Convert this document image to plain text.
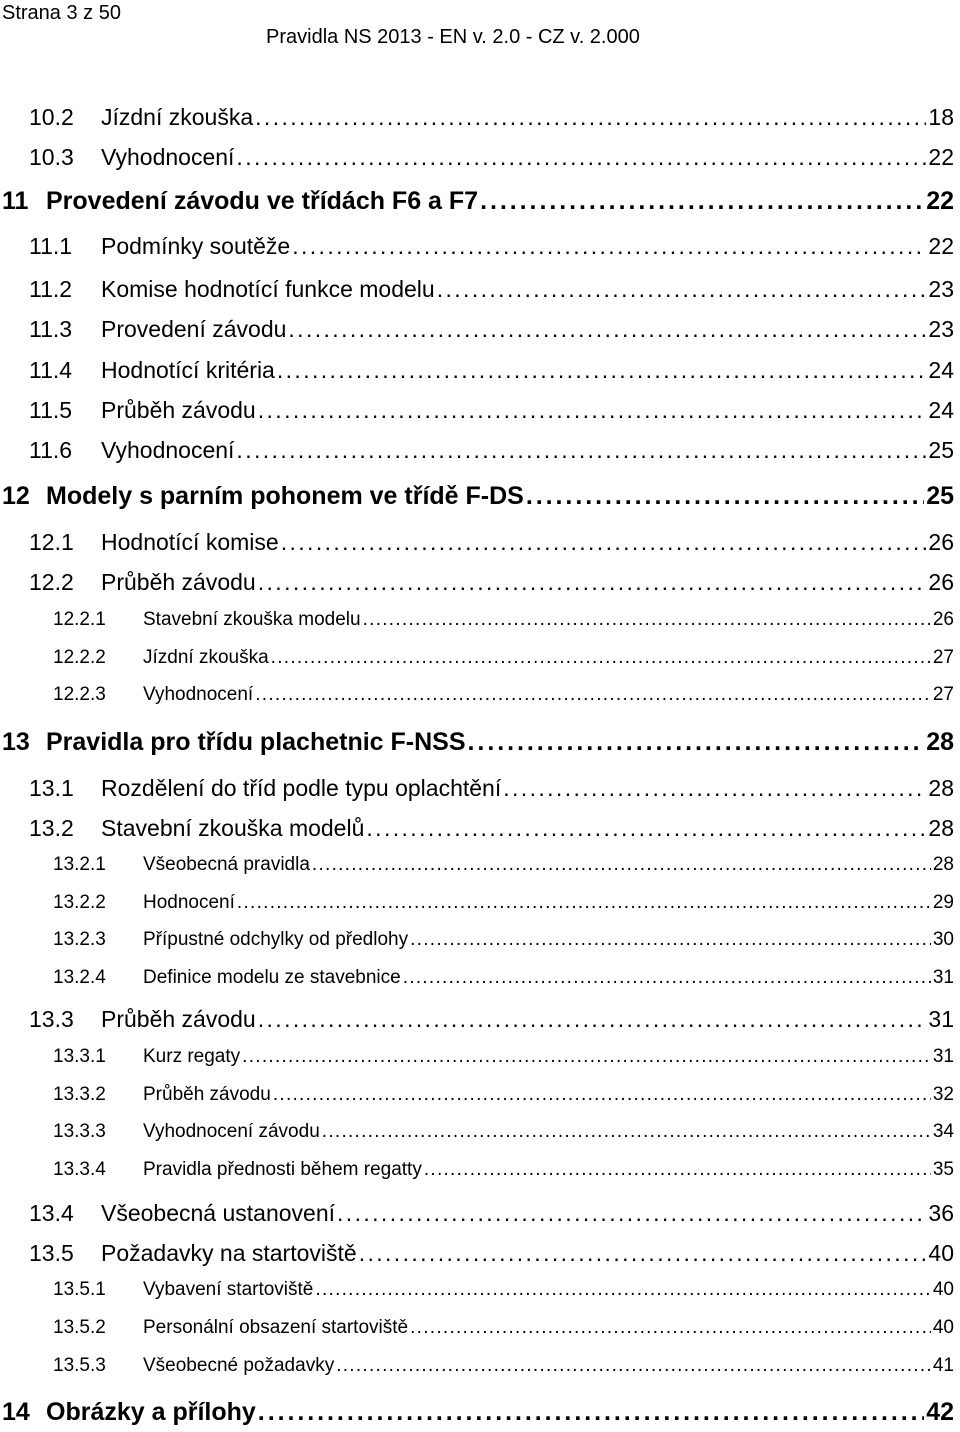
Strana 3 z 50
Pravidla NS 2013 - EN v. 2.0 - CZ v. 2.000
10.2	Jízdní zkouška . . .	18
10.3	Vyhodnocení . . .	22
11 Provedení závodu ve třídách F6 a F7 . . .	22
11.1	Podmínky soutěže . . .	22
11.2	Komise hodnotící funkce modelu . . .	23
11.3	Provedení závodu . . .	23
11.4	Hodnotící kritéria . . .	24
11.5	Průběh závodu . . .	24
11.6	Vyhodnocení . . .	25
12 Modely s parním pohonem ve třídě F-DS . . .	25
12.1	Hodnotící komise . . .	26
12.2	Průběh závodu . . .	26
12.2.1	Stavební zkouška modelu . . .	26
12.2.2	Jízdní zkouška . . .	27
12.2.3	Vyhodnocení . . .	27
13 Pravidla pro třídu plachetnic F-NSS . . .	28
13.1	Rozdělení do tříd podle typu oplachtění . . .	28
13.2	Stavební zkouška modelů . . .	28
13.2.1	Všeobecná pravidla . . .	28
13.2.2	Hodnocení . . .	29
13.2.3	Přípustné odchylky od předlohy . . .	30
13.2.4	Definice modelu ze stavebnice . . .	31
13.3	Průběh závodu . . .	31
13.3.1	Kurz regaty . . .	31
13.3.2	Průběh závodu . . .	32
13.3.3	Vyhodnocení závodu . . .	34
13.3.4	Pravidla přednosti během regatty . . .	35
13.4	Všeobecná ustanovení . . .	36
13.5	Požadavky na startoviště . . .	40
13.5.1	Vybavení startoviště . . .	40
13.5.2	Personální obsazení startoviště . . .	40
13.5.3	Všeobecné požadavky . . .	41
14 Obrázky a přílohy . . .	42
